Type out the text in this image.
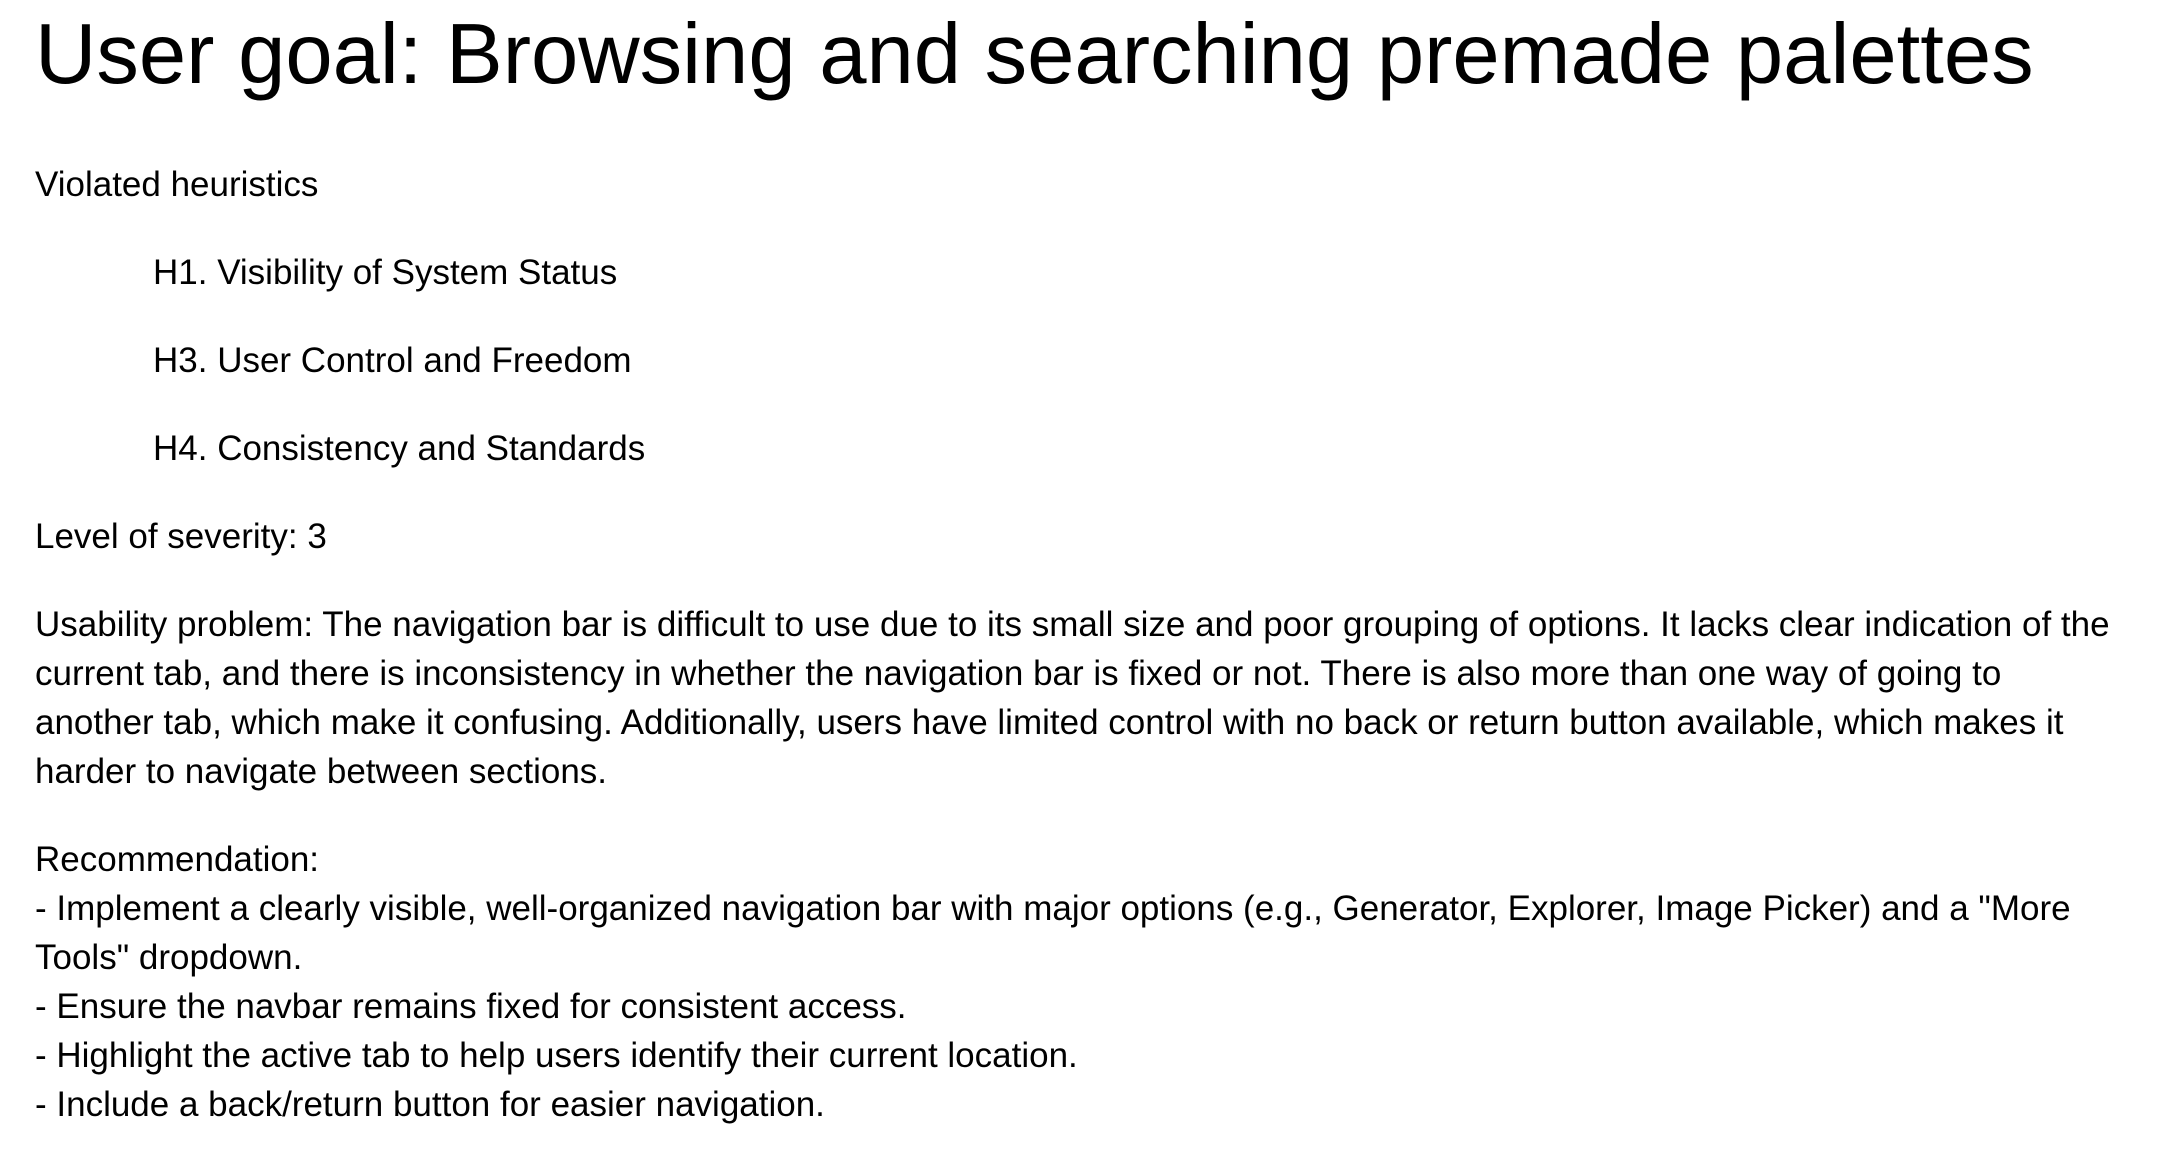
User goal: Browsing and searching premade palettes

Violated heuristics

H1. Visibility of System Status

H3. User Control and Freedom

H4. Consistency and Standards

Level of severity: 3

Usability problem: The navigation bar is difficult to use due to its small size and poor grouping of options. It lacks clear indication of the
current tab, and there is inconsistency in whether the navigation bar is fixed or not. There is also more than one way of going to
another tab, which make it confusing. Additionally, users have limited control with no back or return button available, which makes it
harder to navigate between sections.
Recommendation:
- Implement a clearly visible, well-organized navigation bar with major options (e.g., Generator, Explorer, Image Picker) and a "More
Tools" dropdown.
- Ensure the navbar remains fixed for consistent access.
- Highlight the active tab to help users identify their current location.
- Include a back/return button for easier navigation.
